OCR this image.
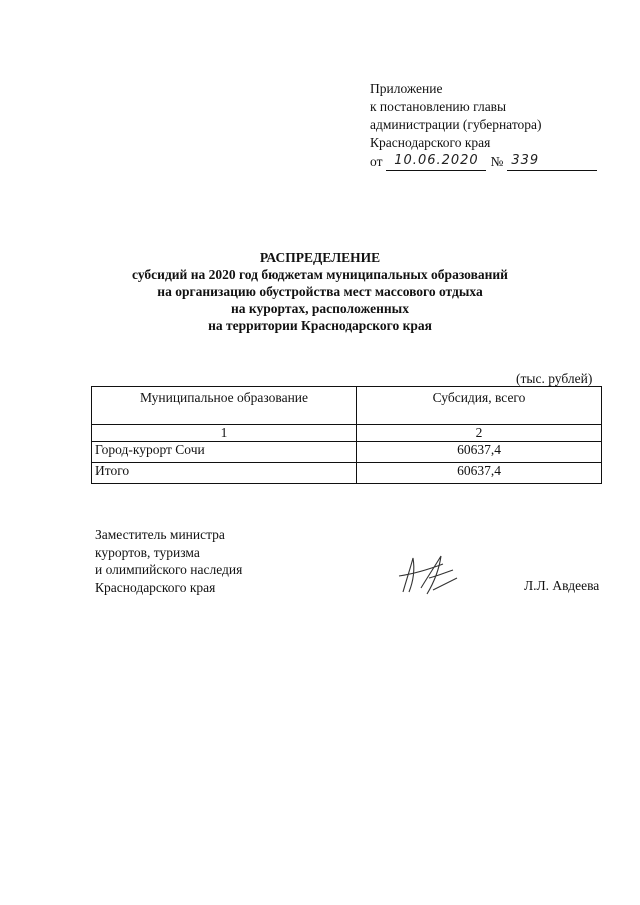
Приложение
к постановлению главы
администрации (губернатора)
Краснодарского края
от 10.06.2020 № 339
РАСПРЕДЕЛЕНИЕ
субсидий на 2020 год бюджетам муниципальных образований
на организацию обустройства мест массового отдыха
на курортах, расположенных
на территории Краснодарского края
(тыс. рублей)
Муниципальное образование	Субсидия, всего
1	2
Город-курорт Сочи	60637,4
Итого	60637,4
Заместитель министра
курортов, туризма
и олимпийского наследия
Краснодарского края	Л.Л. Авдеева
